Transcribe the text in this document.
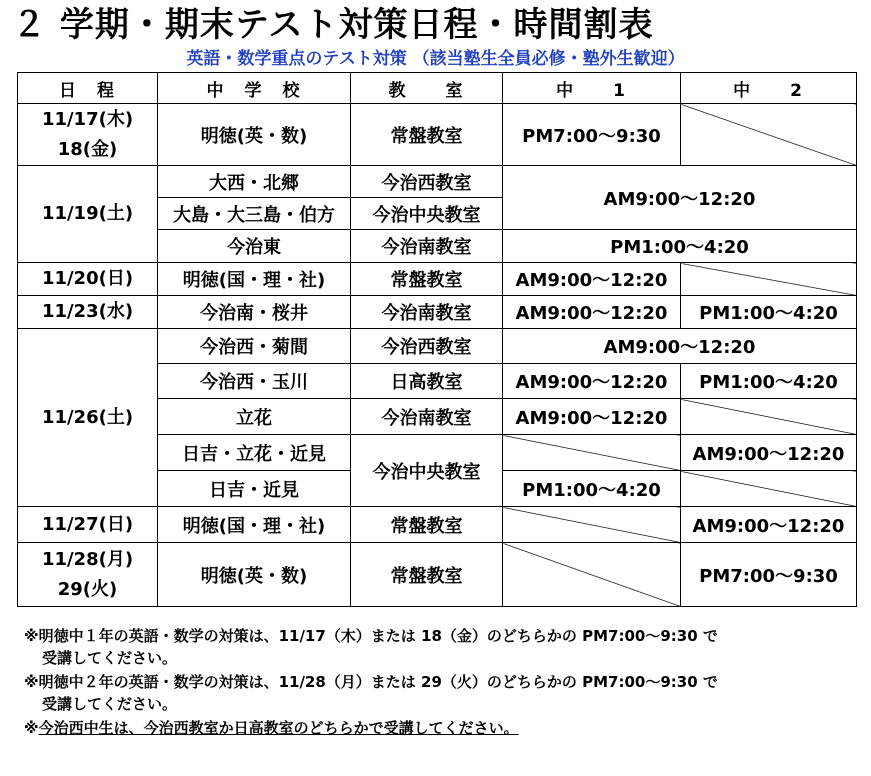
２ 学期・期末テスト対策日程・時間割表
英語・数学重点のテスト対策 （該当塾生全員必修・塾外生歓迎）
日　程	中　学　校	教　　室	中　　1	中　　2

11/17(木)
18(金)	明徳(英・数)	常盤教室	PM7:00～9:30	
11/19(土)	大西・北郷	今治西教室	AM9:00～12:20	
	大島・大三島・伯方	今治中央教室		
	今治東	今治南教室	PM1:00～4:20	
11/20(日)	明徳(国・理・社)	常盤教室	AM9:00～12:20	
11/23(水)	今治南・桜井	今治南教室	AM9:00～12:20	PM1:00～4:20
11/26(土)	今治西・菊間	今治西教室	AM9:00～12:20	
	今治西・玉川	日高教室	AM9:00～12:20	PM1:00～4:20
	立花	今治南教室	AM9:00～12:20	
	日吉・立花・近見	今治中央教室		AM9:00～12:20
	日吉・近見		PM1:00～4:20	
11/27(日)	明徳(国・理・社)	常盤教室		AM9:00～12:20

11/28(月)
29(火)	明徳(英・数)	常盤教室		PM7:00～9:30
※明徳中１年の英語・数学の対策は、11/17（木）または 18（金）のどちらかの PM7:00～9:30 で
受講してください。
※明徳中２年の英語・数学の対策は、11/28（月）または 29（火）のどちらかの PM7:00～9:30 で
受講してください。
※今治西中生は、今治西教室か日高教室のどちらかで受講してください。
